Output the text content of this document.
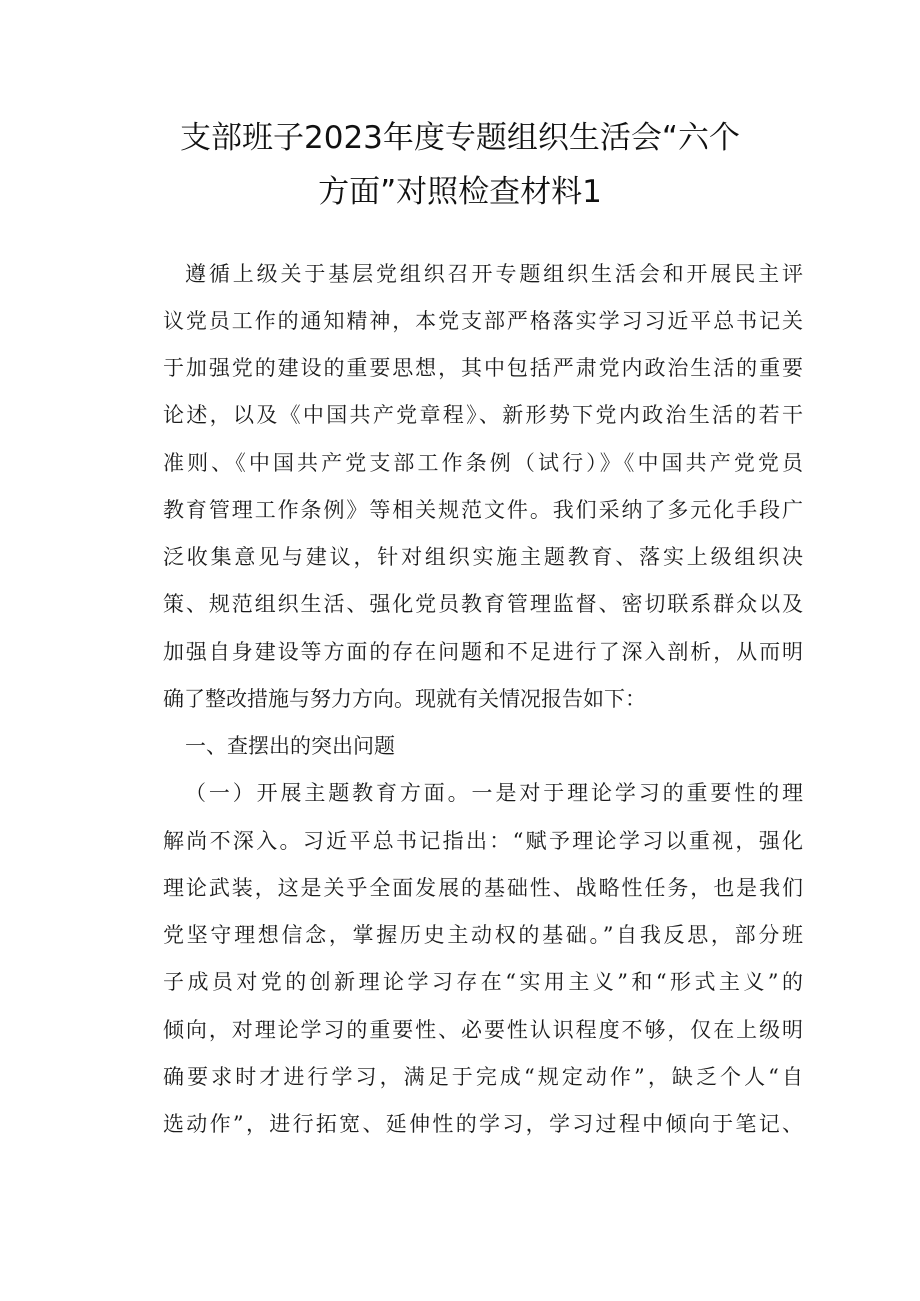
支部班子2023年度专题组织生活会“六个
方面”对照检查材料1
遵循上级关于基层党组织召开专题组织生活会和开展民主评
议党员工作的通知精神，本党支部严格落实学习习近平总书记关
于加强党的建设的重要思想，其中包括严肃党内政治生活的重要
论述，以及《中国共产党章程》、新形势下党内政治生活的若干
准则、《中国共产党支部工作条例（试行）》《中国共产党党员
教育管理工作条例》等相关规范文件。我们采纳了多元化手段广
泛收集意见与建议，针对组织实施主题教育、落实上级组织决
策、规范组织生活、强化党员教育管理监督、密切联系群众以及
加强自身建设等方面的存在问题和不足进行了深入剖析，从而明
确了整改措施与努力方向。现就有关情况报告如下：
一、查摆出的突出问题
（一）开展主题教育方面。一是对于理论学习的重要性的理
解尚不深入。习近平总书记指出：“赋予理论学习以重视，强化
理论武装，这是关乎全面发展的基础性、战略性任务，也是我们
党坚守理想信念，掌握历史主动权的基础。”自我反思，部分班
子成员对党的创新理论学习存在“实用主义”和“形式主义”的
倾向，对理论学习的重要性、必要性认识程度不够，仅在上级明
确要求时才进行学习，满足于完成“规定动作”，缺乏个人“自
选动作”，进行拓宽、延伸性的学习，学习过程中倾向于笔记、
